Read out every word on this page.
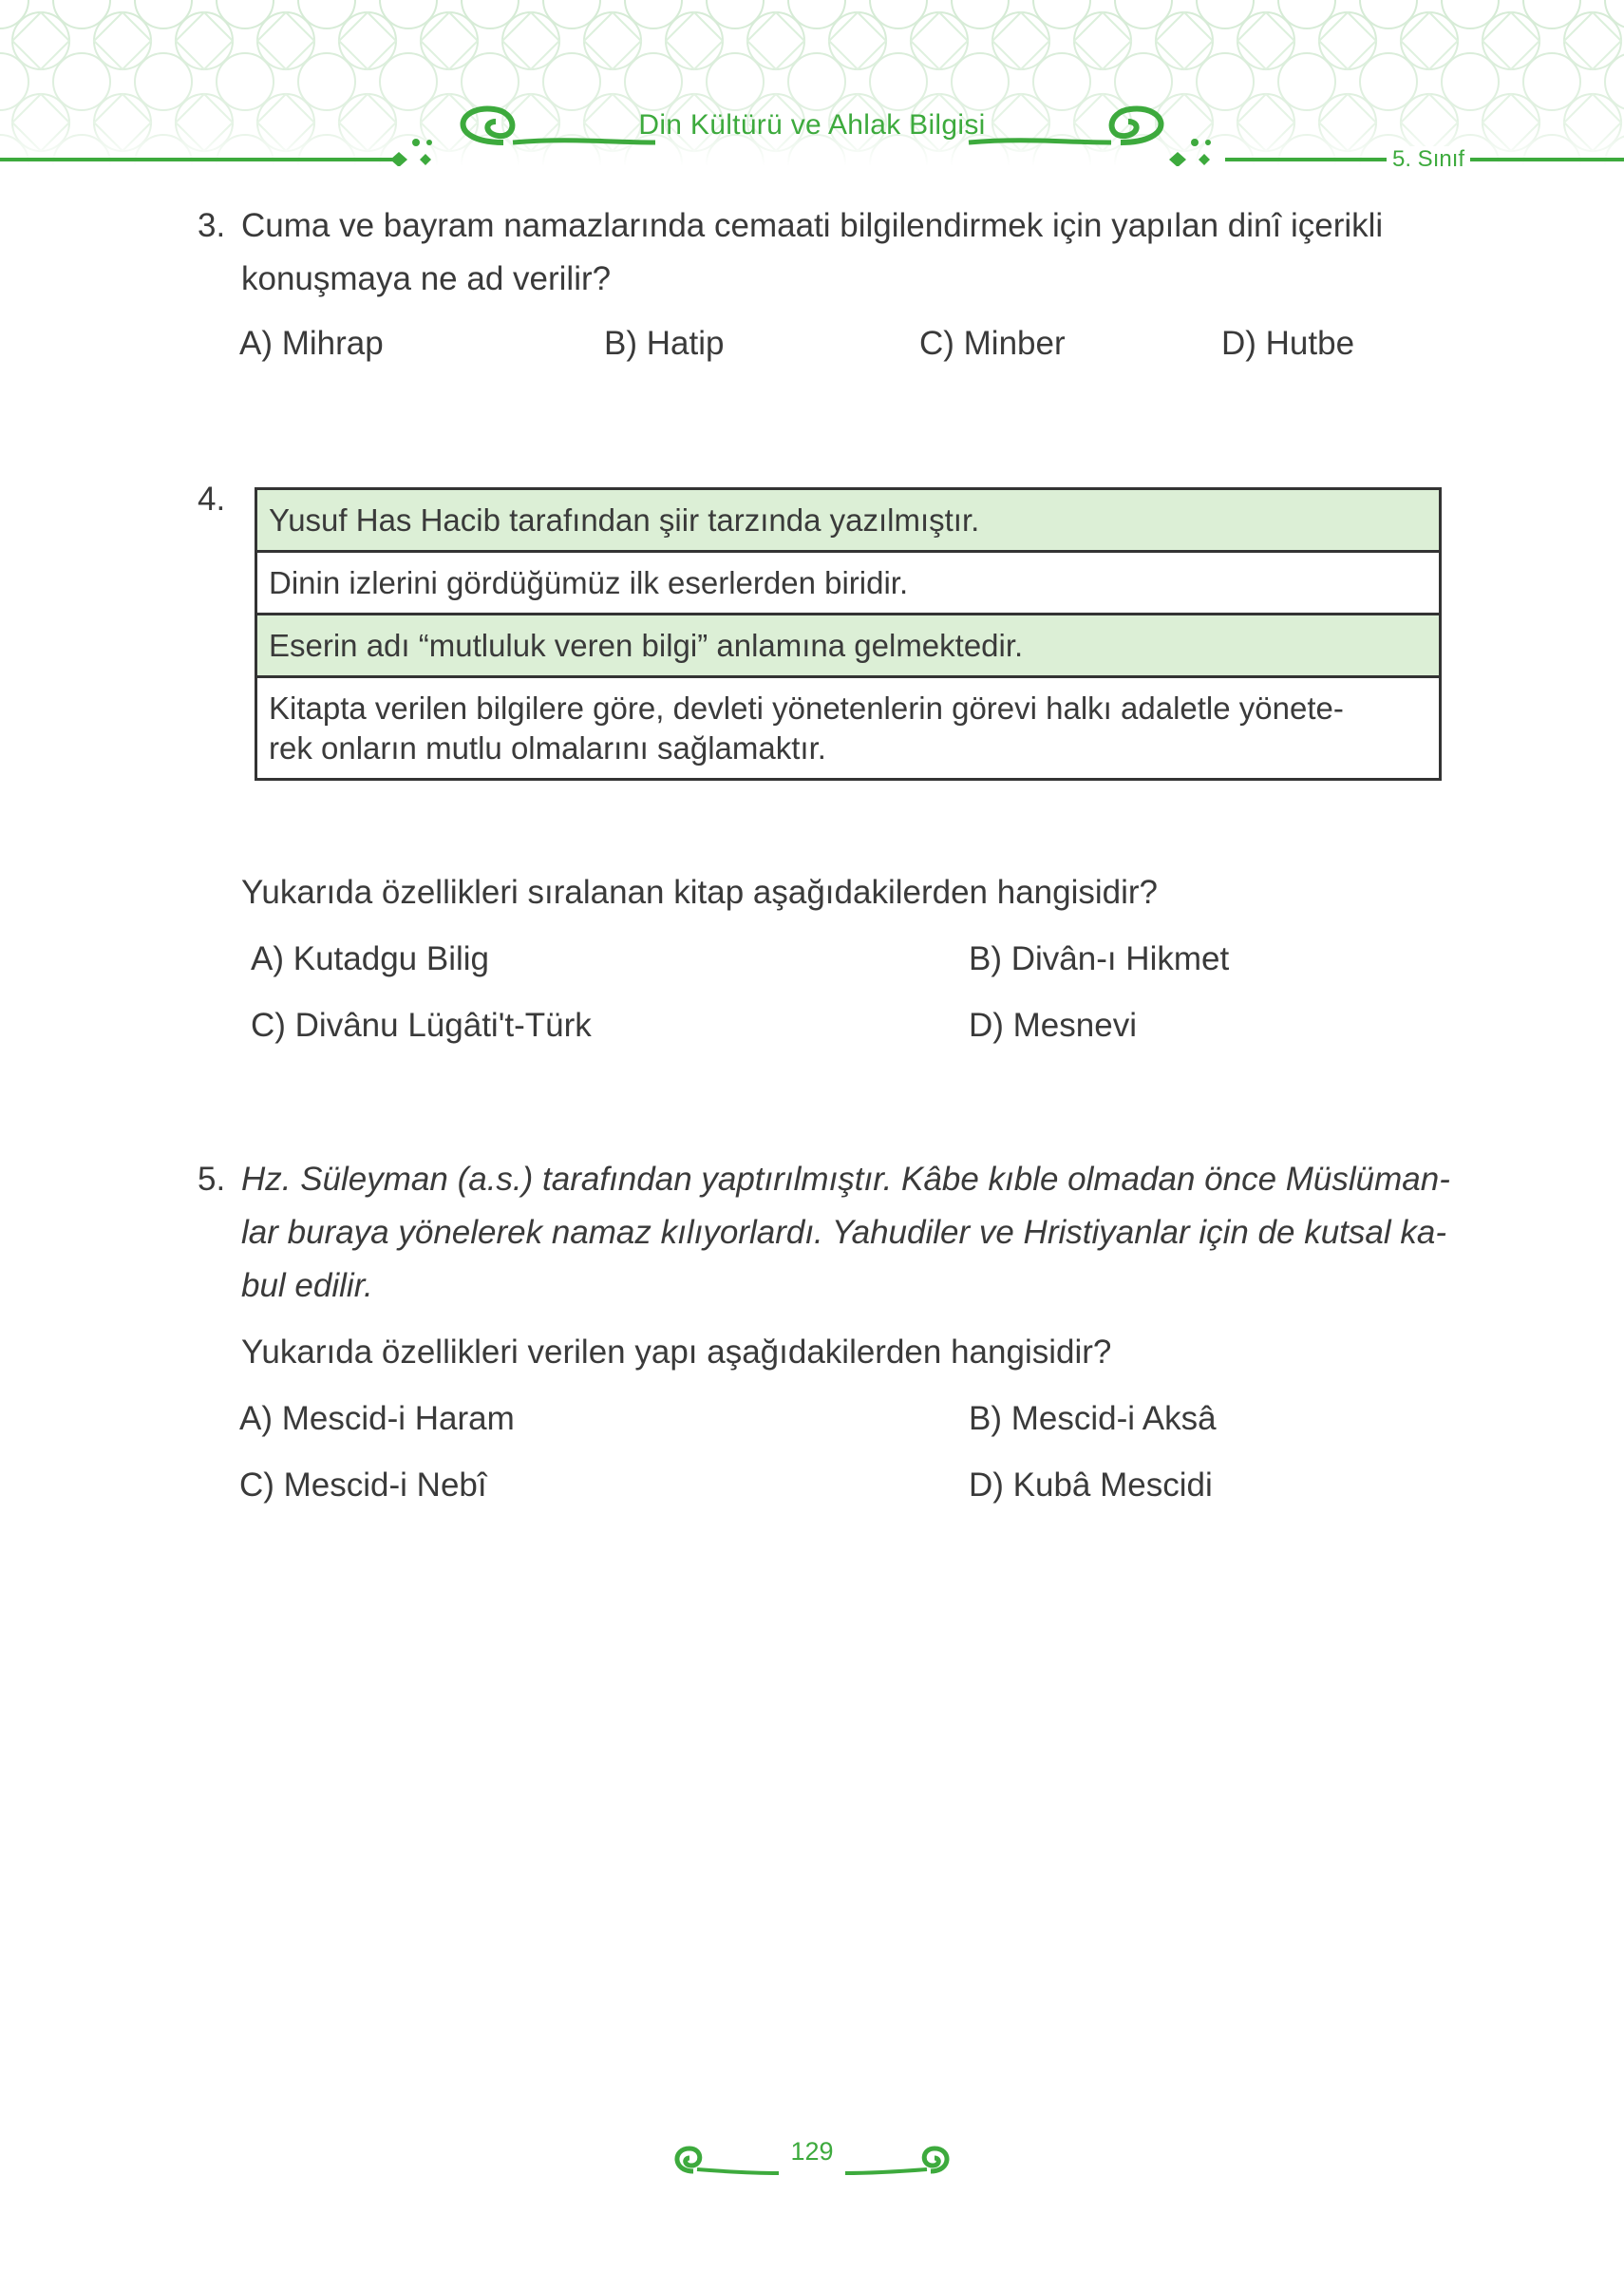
Din Kültürü ve Ahlak Bilgisi
5. Sınıf
3. Cuma ve bayram namazlarında cemaati bilgilendirmek için yapılan dinî içerikli
konuşmaya ne ad verilir?
A) Mihrap	B) Hatip	C) Minber	D) Hutbe
4.
Yusuf Has Hacib tarafından şiir tarzında yazılmıştır.
Dinin izlerini gördüğümüz ilk eserlerden biridir.
Eserin adı “mutluluk veren bilgi” anlamına gelmektedir.
Kitapta verilen bilgilere göre, devleti yönetenlerin görevi halkı adaletle yönete-
rek onların mutlu olmalarını sağlamaktır.
Yukarıda özellikleri sıralanan kitap aşağıdakilerden hangisidir?
A) Kutadgu Bilig	B) Divân-ı Hikmet
C) Divânu Lügâti't-Türk	D) Mesnevi
5. Hz. Süleyman (a.s.) tarafından yaptırılmıştır. Kâbe kıble olmadan önce Müslüman-
lar buraya yönelerek namaz kılıyorlardı. Yahudiler ve Hristiyanlar için de kutsal ka-
bul edilir.
Yukarıda özellikleri verilen yapı aşağıdakilerden hangisidir?
A) Mescid-i Haram	B) Mescid-i Aksâ
C) Mescid-i Nebî	D) Kubâ Mescidi
129
